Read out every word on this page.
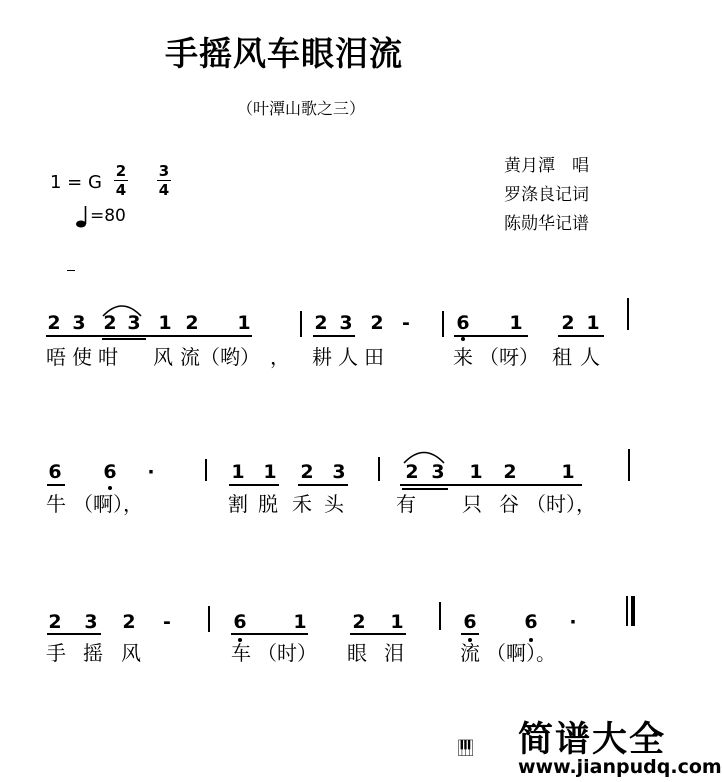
手摇风车眼泪流
（叶潭山歌之三）
1 = G
2
4
3
4
=80
黄月潭　唱
罗涤良记词
陈勋华记谱
2 3 2 3 1 2 1	2 3 2 - 6 1 2 1
唔 使 咁 风 流（哟） ， 耕 人 田	来 （呀） 租 人
6 6 ·	1 1 2 3	2 3 1 2 1
牛 （啊），	割 脱 禾 头	有 只 谷 （时），
2 3 2 -	6 1 2 1	6	6 ·
手 摇 风	车 （时） 眼 泪	流 （啊）。
简谱大全
www.jianpudq.com
